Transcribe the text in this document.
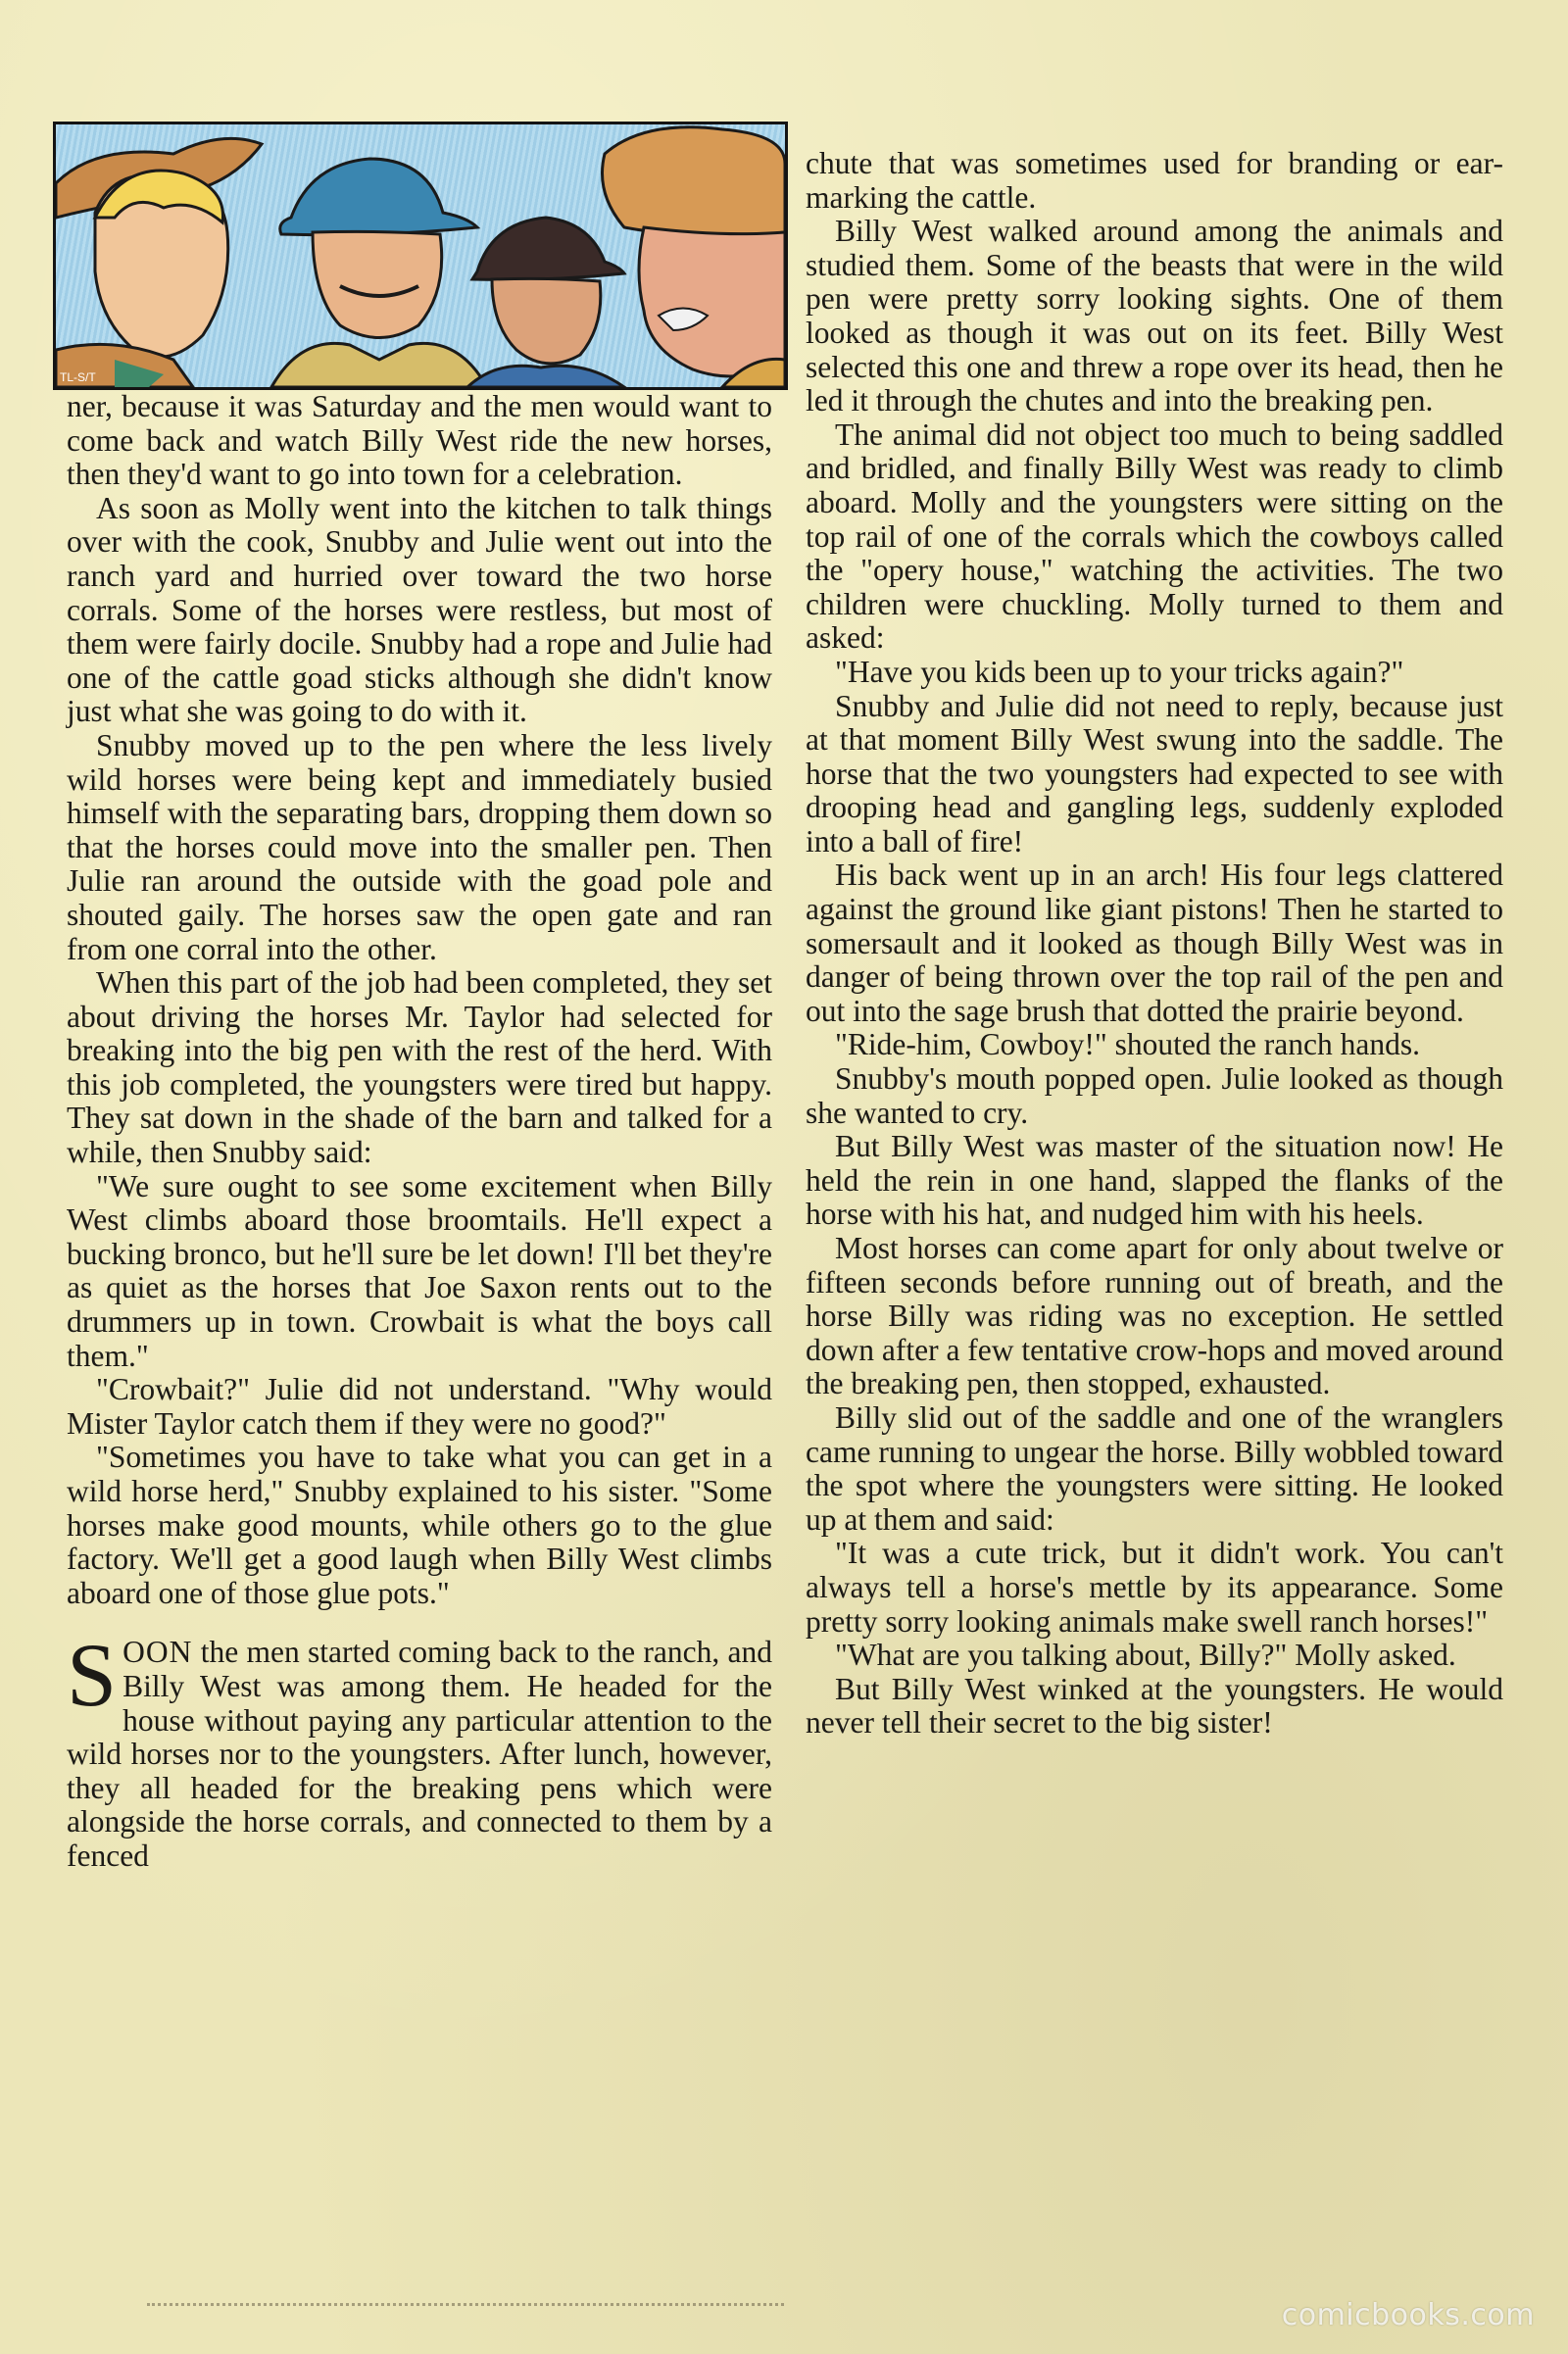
TL-S/T

ner, because it was Saturday and the men would want to come back and watch Billy West ride the new horses, then they'd want to go into town for a celebration.

As soon as Molly went into the kitchen to talk things over with the cook, Snubby and Julie went out into the ranch yard and hurried over toward the two horse corrals. Some of the horses were restless, but most of them were fairly docile. Snubby had a rope and Julie had one of the cattle goad sticks although she didn't know just what she was going to do with it.

Snubby moved up to the pen where the less lively wild horses were being kept and immediately busied himself with the separating bars, dropping them down so that the horses could move into the smaller pen. Then Julie ran around the outside with the goad pole and shouted gaily. The horses saw the open gate and ran from one corral into the other.

When this part of the job had been completed, they set about driving the horses Mr. Taylor had selected for breaking into the big pen with the rest of the herd. With this job completed, the youngsters were tired but happy. They sat down in the shade of the barn and talked for a while, then Snubby said:

"We sure ought to see some excitement when Billy West climbs aboard those broomtails. He'll expect a bucking bronco, but he'll sure be let down! I'll bet they're as quiet as the horses that Joe Saxon rents out to the drummers up in town. Crowbait is what the boys call them."

"Crowbait?" Julie did not understand. "Why would Mister Taylor catch them if they were no good?"

"Sometimes you have to take what you can get in a wild horse herd," Snubby explained to his sister. "Some horses make good mounts, while others go to the glue factory. We'll get a good laugh when Billy West climbs aboard one of those glue pots."

SOON the men started coming back to the ranch, and Billy West was among them. He headed for the house without paying any particular attention to the wild horses nor to the youngsters. After lunch, however, they all headed for the breaking pens which were alongside the horse corrals, and connected to them by a fenced

chute that was sometimes used for branding or ear-marking the cattle.

Billy West walked around among the animals and studied them. Some of the beasts that were in the wild pen were pretty sorry looking sights. One of them looked as though it was out on its feet. Billy West selected this one and threw a rope over its head, then he led it through the chutes and into the breaking pen.

The animal did not object too much to being saddled and bridled, and finally Billy West was ready to climb aboard. Molly and the youngsters were sitting on the top rail of one of the corrals which the cowboys called the "opery house," watching the activities. The two children were chuckling. Molly turned to them and asked:

"Have you kids been up to your tricks again?"

Snubby and Julie did not need to reply, because just at that moment Billy West swung into the saddle. The horse that the two youngsters had expected to see with drooping head and gangling legs, suddenly exploded into a ball of fire!

His back went up in an arch! His four legs clattered against the ground like giant pistons! Then he started to somersault and it looked as though Billy West was in danger of being thrown over the top rail of the pen and out into the sage brush that dotted the prairie beyond.

"Ride-him, Cowboy!" shouted the ranch hands.

Snubby's mouth popped open. Julie looked as though she wanted to cry.

But Billy West was master of the situation now! He held the rein in one hand, slapped the flanks of the horse with his hat, and nudged him with his heels.

Most horses can come apart for only about twelve or fifteen seconds before running out of breath, and the horse Billy was riding was no exception. He settled down after a few tentative crow-hops and moved around the breaking pen, then stopped, exhausted.

Billy slid out of the saddle and one of the wranglers came running to ungear the horse. Billy wobbled toward the spot where the youngsters were sitting. He looked up at them and said:

"It was a cute trick, but it didn't work. You can't always tell a horse's mettle by its appearance. Some pretty sorry looking animals make swell ranch horses!"

"What are you talking about, Billy?" Molly asked.

But Billy West winked at the youngsters. He would never tell their secret to the big sister!

comicbooks.com
